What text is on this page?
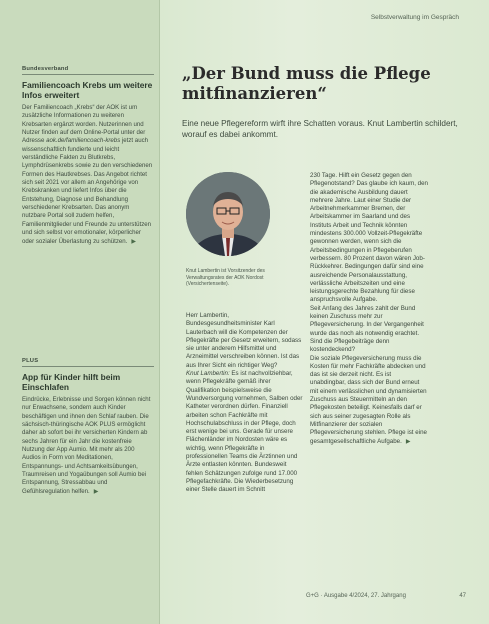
Selbstverwaltung im Gespräch
Bundesverband
Familiencoach Krebs um weitere Infos erweitert
Der Familiencoach „Krebs“ der AOK ist um zusätzliche Informationen zu weiteren Krebsarten ergänzt worden. Nutzerinnen und Nutzer finden auf dem Online-Portal unter der Adresse aok.de/familiencoach-krebs jetzt auch wissenschaftlich fundierte und leicht verständliche Fakten zu Blutkrebs, Lymphdrüsenkrebs sowie zu den verschiedenen Formen des Hautkrebses. Das Angebot richtet sich seit 2021 vor allem an Angehörige von Krebskranken und liefert Infos über die Entstehung, Diagnose und Behandlung verschiedener Krebsarten. Das anonym nutzbare Portal soll zudem helfen, Familienmitglieder und Freunde zu unterstützen und sich selbst vor emotionaler, körperlicher oder sozialer Überlastung zu schützen. ▶
PLUS
App für Kinder hilft beim Einschlafen
Eindrücke, Erlebnisse und Sorgen können nicht nur Erwachsene, sondern auch Kinder beschäftigen und ihnen den Schlaf rauben. Die sächsisch-thüringische AOK PLUS ermöglicht daher ab sofort bei ihr versicherten Kindern ab sechs Jahren für ein Jahr die kostenfreie Nutzung der App Aumio. Mit mehr als 200 Audios in Form von Meditationen, Entspannungs- und Achtsamkeitsübungen, Traumreisen und Yogaübungen soll Aumio bei Entspannung, Stressabbau und Gefühlsregulation helfen. ▶
„Der Bund muss die Pflege mitfinanzieren“
Eine neue Pflegereform wirft ihre Schatten voraus. Knut Lambertin schildert, worauf es dabei ankommt.
Knut Lambertin ist Vorsitzender des Verwaltungsrates der AOK Nordost (Versichertenseite).
Herr Lambertin, Bundesgesundheitsminister Karl Lauterbach will die Kompetenzen der Pflegekräfte per Gesetz erweitern, sodass sie unter anderem Hilfsmittel und Arzneimittel verschreiben können. Ist das aus Ihrer Sicht ein richtiger Weg?
Knut Lambertin: Es ist nachvollziehbar, wenn Pflegekräfte gemäß ihrer Qualifikation beispielsweise die Wundversorgung vornehmen, Salben oder Katheter verordnen dürfen. Finanziell arbeiten schon Fachkräfte mit Hochschulabschluss in der Pflege, doch erst wenige bei uns. Gerade für unsere Flächenländer im Nordosten wäre es wichtig, wenn Pflegekräfte in professionellen Teams die Ärztinnen und Ärzte entlasten könnten. Bundesweit fehlen Schätzungen zufolge rund 17.000 Pflegefachkräfte. Die Wiederbesetzung einer Stelle dauert im Schnitt
230 Tage. Hilft ein Gesetz gegen den Pflegenotstand? Das glaube ich kaum, den die akademische Ausbildung dauert mehrere Jahre. Laut einer Studie der Arbeitnehmerkammer Bremen, der Arbeitskammer im Saarland und des Instituts Arbeit und Technik könnten mindestens 300.000 Vollzeit-Pflegekräfte gewonnen werden, wenn sich die Arbeitsbedingungen in Pflegeberufen verbessern. 80 Prozent davon wären Job-Rückkehrer. Bedingungen dafür sind eine ausreichende Personalausstattung, verlässliche Arbeitszeiten und eine leistungsgerechte Bezahlung für diese anspruchsvolle Aufgabe.
Seit Anfang des Jahres zahlt der Bund keinen Zuschuss mehr zur Pflegeversicherung. In der Vergangenheit wurde das noch als notwendig erachtet. Sind die Pflegebeiträge denn kostendeckend?
Die soziale Pflegeversicherung muss die Kosten für mehr Fachkräfte abdecken und das ist sie derzeit nicht. Es ist unabdingbar, dass sich der Bund erneut mit einem verlässlichen und dynamisierten Zuschuss aus Steuermitteln an den Pflegekosten beteiligt. Keinesfalls darf er sich aus seiner zugesagten Rolle als Mitfinanzierer der sozialen Pflegeversicherung stehlen. Pflege ist eine gesamtgesellschaftliche Aufgabe. ▶
G+G · Ausgabe 4/2024, 27. Jahrgang	47
